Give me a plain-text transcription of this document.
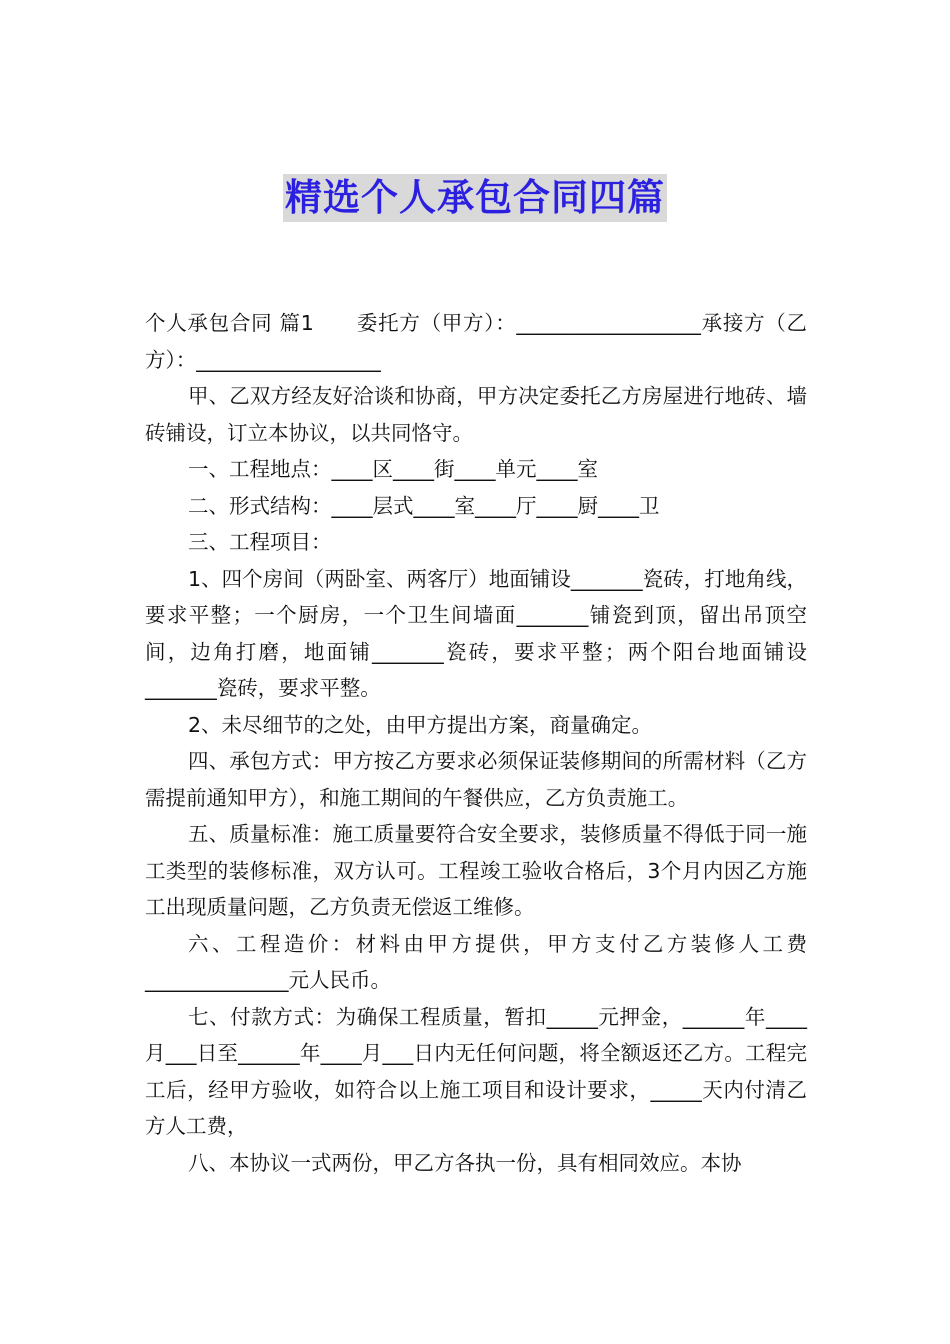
精选个人承包合同四篇

个人承包合同 篇1　　委托方（甲方）：__________________承接方（乙方）：__________________

甲、乙双方经友好洽谈和协商，甲方决定委托乙方房屋进行地砖、墙砖铺设，订立本协议，以共同恪守。

一、工程地点：____区____街____单元____室

二、形式结构：____层式____室____厅____厨____卫

三、工程项目：

1、四个房间（两卧室、两客厅）地面铺设_______瓷砖，打地角线，要求平整；一个厨房，一个卫生间墙面_______铺瓷到顶，留出吊顶空间，边角打磨，地面铺_______瓷砖，要求平整；两个阳台地面铺设_______瓷砖，要求平整。

2、未尽细节的之处，由甲方提出方案，商量确定。

四、承包方式：甲方按乙方要求必须保证装修期间的所需材料（乙方需提前通知甲方），和施工期间的午餐供应，乙方负责施工。

五、质量标准：施工质量要符合安全要求，装修质量不得低于同一施工类型的装修标准，双方认可。工程竣工验收合格后，3个月内因乙方施工出现质量问题，乙方负责无偿返工维修。

六、工程造价：材料由甲方提供，甲方支付乙方装修人工费______________元人民币。

七、付款方式：为确保工程质量，暂扣_____元押金，______年____月___日至______年____月___日内无任何问题，将全额返还乙方。工程完工后，经甲方验收，如符合以上施工项目和设计要求，_____天内付清乙方人工费，

八、本协议一式两份，甲乙方各执一份，具有相同效应。本协
